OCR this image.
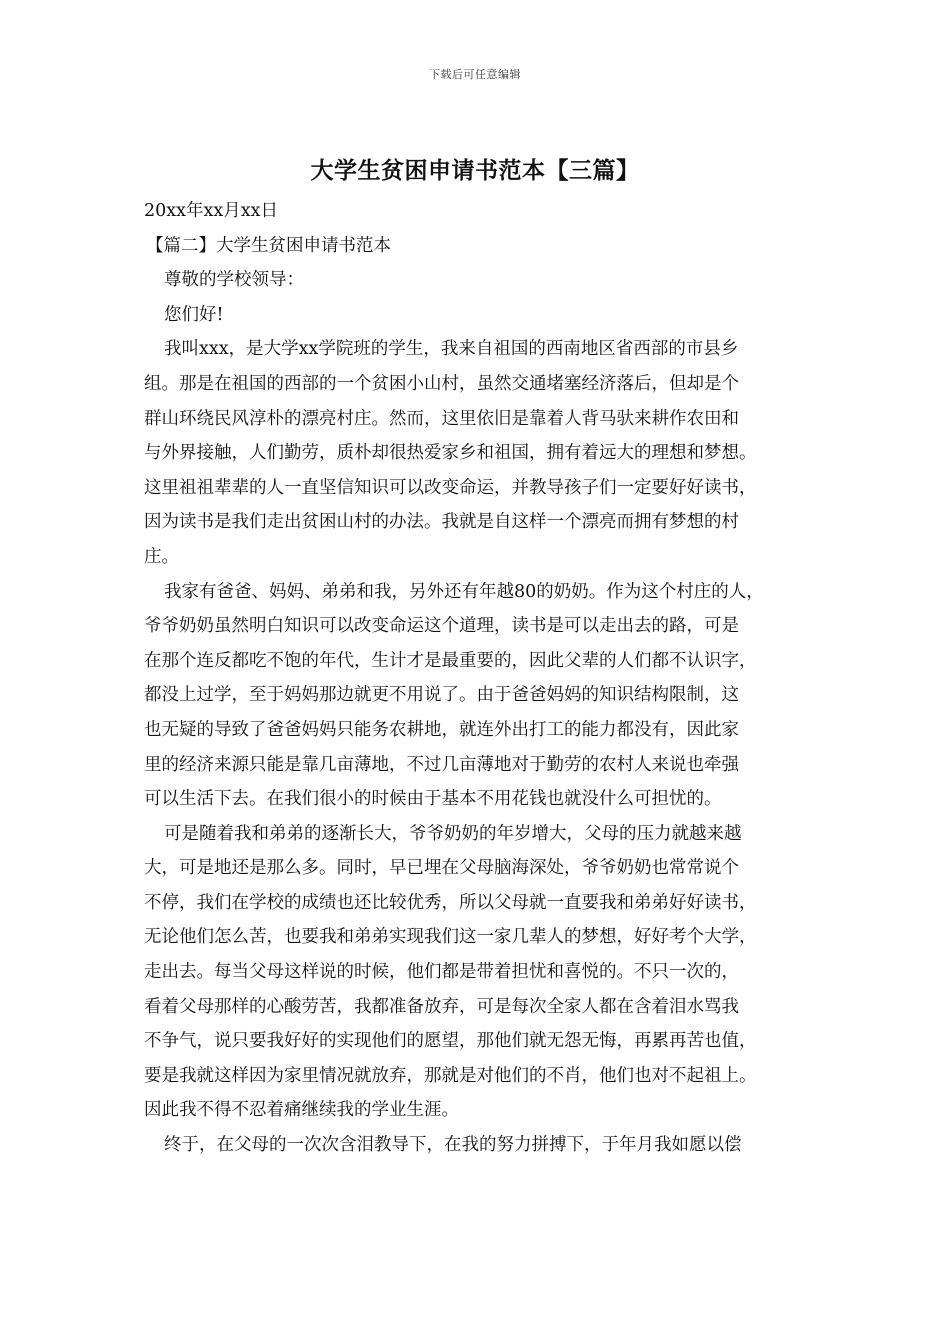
下载后可任意编辑
大学生贫困申请书范本【三篇】
20xx年xx月xx日
【篇二】大学生贫困申请书范本
尊敬的学校领导：
您们好!
我叫xxx，是大学xx学院班的学生，我来自祖国的西南地区省西部的市县乡
组。那是在祖国的西部的一个贫困小山村，虽然交通堵塞经济落后，但却是个
群山环绕民风淳朴的漂亮村庄。然而，这里依旧是靠着人背马驮来耕作农田和
与外界接触，人们勤劳，质朴却很热爱家乡和祖国，拥有着远大的理想和梦想。
这里祖祖辈辈的人一直坚信知识可以改变命运，并教导孩子们一定要好好读书，
因为读书是我们走出贫困山村的办法。我就是自这样一个漂亮而拥有梦想的村
庄。
我家有爸爸、妈妈、弟弟和我，另外还有年越80的奶奶。作为这个村庄的人，
爷爷奶奶虽然明白知识可以改变命运这个道理，读书是可以走出去的路，可是
在那个连反都吃不饱的年代，生计才是最重要的，因此父辈的人们都不认识字，
都没上过学，至于妈妈那边就更不用说了。由于爸爸妈妈的知识结构限制，这
也无疑的导致了爸爸妈妈只能务农耕地，就连外出打工的能力都没有，因此家
里的经济来源只能是靠几亩薄地，不过几亩薄地对于勤劳的农村人来说也牵强
可以生活下去。在我们很小的时候由于基本不用花钱也就没什么可担忧的。
可是随着我和弟弟的逐渐长大，爷爷奶奶的年岁增大，父母的压力就越来越
大，可是地还是那么多。同时，早已埋在父母脑海深处，爷爷奶奶也常常说个
不停，我们在学校的成绩也还比较优秀，所以父母就一直要我和弟弟好好读书，
无论他们怎么苦，也要我和弟弟实现我们这一家几辈人的梦想，好好考个大学，
走出去。每当父母这样说的时候，他们都是带着担忧和喜悦的。不只一次的，
看着父母那样的心酸劳苦，我都准备放弃，可是每次全家人都在含着泪水骂我
不争气，说只要我好好的实现他们的愿望，那他们就无怨无悔，再累再苦也值，
要是我就这样因为家里情况就放弃，那就是对他们的不肖，他们也对不起祖上。
因此我不得不忍着痛继续我的学业生涯。
终于，在父母的一次次含泪教导下，在我的努力拼搏下，于年月我如愿以偿
